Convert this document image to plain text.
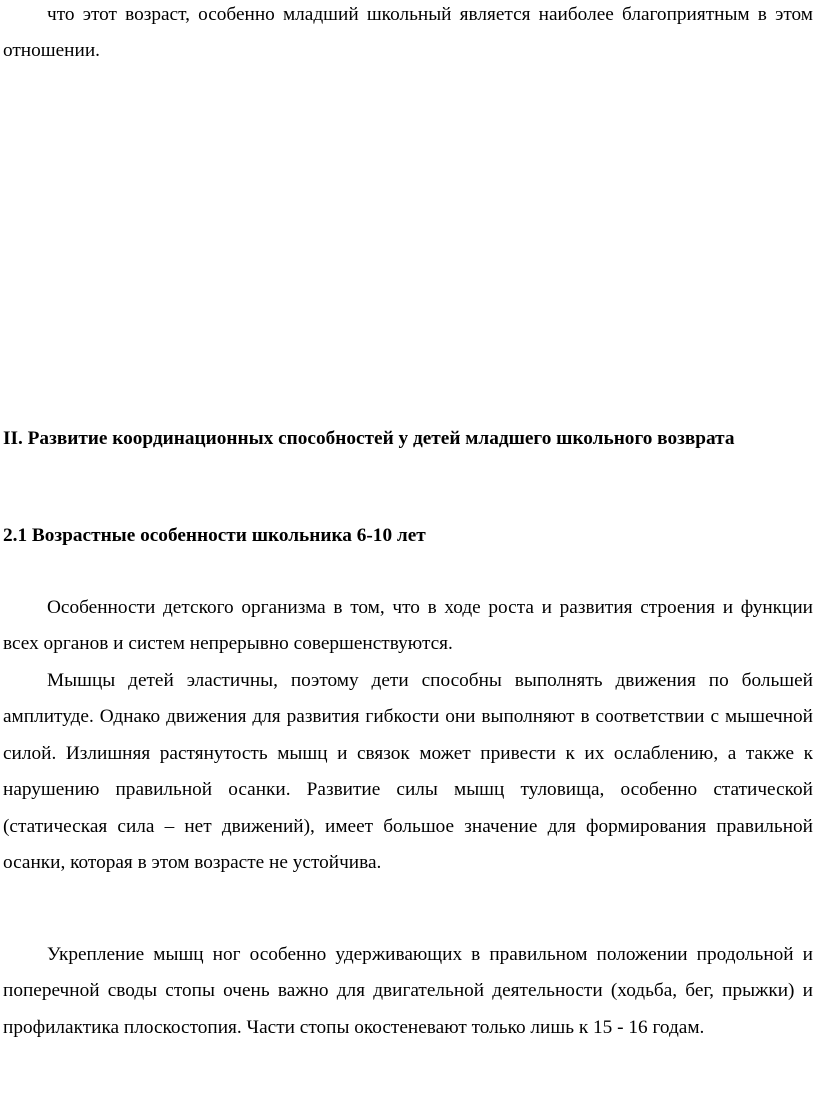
что этот возраст, особенно младший школьный является наиболее благоприятным в этом отношении.

II. Развитие координационных способностей у детей младшего школьного возврата

2.1 Возрастные особенности школьника 6-10 лет

Особенности детского организма в том, что в ходе роста и развития строения и функции всех органов и систем непрерывно совершенствуются.

Мышцы детей эластичны, поэтому дети способны выполнять движения по большей амплитуде. Однако движения для развития гибкости они выполняют в соответствии с мышечной силой. Излишняя растянутость мышц и связок может привести к их ослаблению, а также к нарушению правильной осанки. Развитие силы мышц туловища, особенно статической (статическая сила – нет движений), имеет большое значение для формирования правильной осанки, которая в этом возрасте не устойчива.

Укрепление мышц ног особенно удерживающих в правильном положении продольной и поперечной своды стопы очень важно для двигательной деятельности (ходьба, бег, прыжки) и профилактика плоскостопия. Части стопы окостеневают только лишь к 15 - 16 годам.
